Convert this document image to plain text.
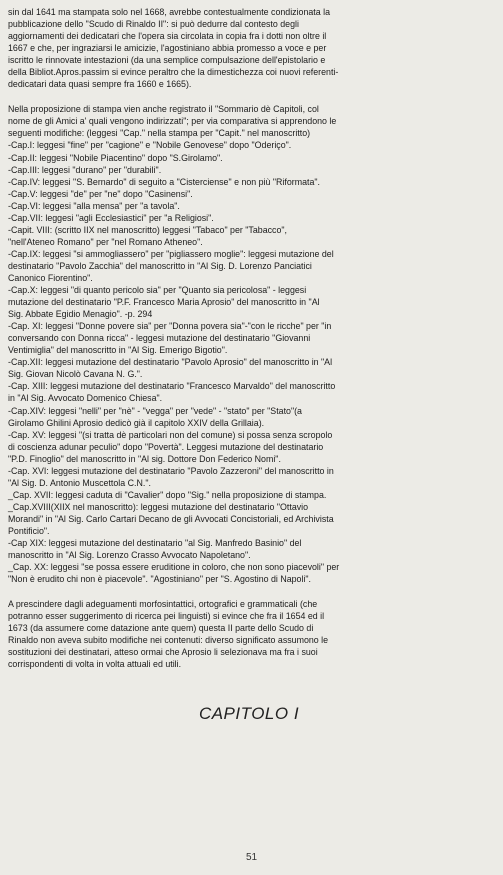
sin dal 1641 ma stampata solo nel 1668, avrebbe contestualmente condizionata la
pubblicazione dello "Scudo di Rinaldo II": si può dedurre dal contesto degli
aggiornamenti dei dedicatari che l'opera sia circolata in copia fra i dotti non oltre il
1667 e che, per ingraziarsi le amicizie, l'agostiniano abbia promesso a voce e per
iscritto le rinnovate intestazioni (da una semplice compulsazione dell'epistolario e
della Bibliot.Apros.passim si evince peraltro che la dimestichezza coi nuovi referenti-
dedicatari data quasi sempre fra 1660 e 1665).

Nella proposizione di stampa vien anche registrato il "Sommario dè Capitoli, col
nome de gli Amici a' quali vengono indirizzati"; per via comparativa si apprendono le
seguenti modifiche: (leggesi "Cap." nella stampa per "Capit." nel manoscritto)
-Cap.I: leggesi "fine" per "cagione" e "Nobile Genovese" dopo "Oderiço".
-Cap.II: leggesi "Nobile Piacentino" dopo "S.Girolamo".
-Cap.III: leggesi "durano" per "durabili".
-Cap.IV: leggesi "S. Bernardo" di seguito a "Cisterciense" e non più "Riformata".
-Cap.V: leggesi "de" per "ne" dopo "Casinensi".
-Cap.VI: leggesi "alla mensa" per "a tavola".
-Cap.VII: leggesi "agli Ecclesiastici" per "a Religiosi".
-Capit. VIII: (scritto IIX nel manoscritto) leggesi "Tabaco" per "Tabacco",
"nell'Ateneo Romano" per "nel Romano Atheneo".
-Cap.IX: leggesi "si ammogliassero" per "pigliassero moglie": leggesi mutazione del
destinatario "Pavolo Zacchia" del manoscritto in "Al Sig. D. Lorenzo Panciatici
Canonico Fiorentino".
-Cap.X: leggesi "di quanto pericolo sia" per "Quanto sia pericolosa" - leggesi
mutazione del destinatario "P.F. Francesco Maria Aprosio" del manoscritto in "Al
Sig. Abbate Egidio Menagio". -p. 294
-Cap. XI: leggesi "Donne povere sia" per "Donna povera sia"-"con le ricche" per "in
conversando con Donna ricca" - leggesi mutazione del destinatario "Giovanni
Ventimiglia" del manoscritto in "Al Sig. Emerigo Bigotio".
-Cap.XII: leggesi mutazione del destinatario "Pavolo Aprosio" del manoscritto in "Al
Sig. Giovan Nicolò Cavana N. G.".
-Cap. XIII: leggesi mutazione del destinatario "Francesco Marvaldo" del manoscritto
in "Al Sig. Avvocato Domenico Chiesa".
-Cap.XIV: leggesi "nelli" per "nè" - "vegga" per "vede" - "stato" per "Stato"(a
Girolamo Ghilini Aprosio dedicò già il capitolo XXIV della Grillaia).
-Cap. XV: leggesi "(si tratta dè particolari non del comune) si possa senza scropolo
di coscienza adunar peculio" dopo "Povertà". Leggesi mutazione del destinatario
"P.D. Finoglio" del manoscritto in "Al sig. Dottore Don Federico Nomi".
-Cap. XVI: leggesi mutazione del destinatario "Pavolo Zazzeroni" del manoscritto in
"Al Sig. D. Antonio Muscettola C.N.".
_Cap. XVII: leggesi caduta di "Cavalier" dopo "Sig." nella proposizione di stampa.
_Cap.XVIII(XIIX nel manoscritto): leggesi mutazione del destinatario "Ottavio
Morandi" in "Al Sig. Carlo Cartari Decano de gli Avvocati Concistoriali, ed Archivista
Pontificio".
-Cap XIX: leggesi mutazione del destinatario "al Sig. Manfredo Basinio" del
manoscritto in "Al Sig. Lorenzo Crasso Avvocato Napoletano".
_Cap. XX: leggesi "se possa essere eruditione in coloro, che non sono piacevoli" per
"Non è erudito chi non è piacevole". "Agostiniano" per "S. Agostino di Napoli".

A prescindere dagli adeguamenti morfosintattici, ortografici e grammaticali (che
potranno esser suggerimento di ricerca pei linguisti) si evince che fra il 1654 ed il
1673 (da assumere come datazione ante quem) questa II parte dello Scudo di
Rinaldo non aveva subito modifiche nei contenuti: diverso significato assumono le
sostituzioni dei destinatari, atteso ormai che Aprosio li selezionava ma fra i suoi
corrispondenti di volta in volta attuali ed utili.

CAPITOLO I
51
